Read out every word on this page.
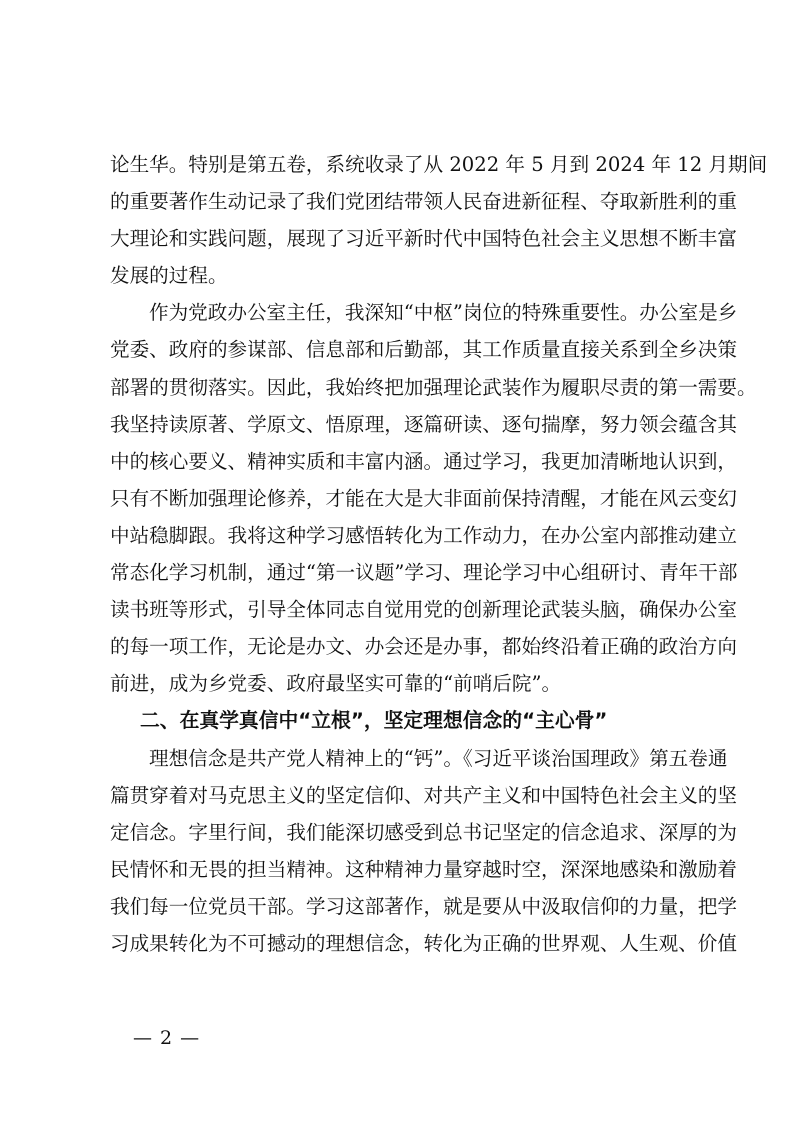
论生华。特别是第五卷，系统收录了从 2022 年 5 月到 2024 年 12 月期间
的重要著作生动记录了我们党团结带领人民奋进新征程、夺取新胜利的重
大理论和实践问题，展现了习近平新时代中国特色社会主义思想不断丰富
发展的过程。
作为党政办公室主任，我深知“中枢”岗位的特殊重要性。办公室是乡
党委、政府的参谋部、信息部和后勤部，其工作质量直接关系到全乡决策
部署的贯彻落实。因此，我始终把加强理论武装作为履职尽责的第一需要。
我坚持读原著、学原文、悟原理，逐篇研读、逐句揣摩，努力领会蕴含其
中的核心要义、精神实质和丰富内涵。通过学习，我更加清晰地认识到，
只有不断加强理论修养，才能在大是大非面前保持清醒，才能在风云变幻
中站稳脚跟。我将这种学习感悟转化为工作动力，在办公室内部推动建立
常态化学习机制，通过“第一议题”学习、理论学习中心组研讨、青年干部
读书班等形式，引导全体同志自觉用党的创新理论武装头脑，确保办公室
的每一项工作，无论是办文、办会还是办事，都始终沿着正确的政治方向
前进，成为乡党委、政府最坚实可靠的“前哨后院”。
二、在真学真信中“立根”，坚定理想信念的“主心骨”
理想信念是共产党人精神上的“钙”。《习近平谈治国理政》第五卷通
篇贯穿着对马克思主义的坚定信仰、对共产主义和中国特色社会主义的坚
定信念。字里行间，我们能深切感受到总书记坚定的信念追求、深厚的为
民情怀和无畏的担当精神。这种精神力量穿越时空，深深地感染和激励着
我们每一位党员干部。学习这部著作，就是要从中汲取信仰的力量，把学
习成果转化为不可撼动的理想信念，转化为正确的世界观、人生观、价值
— 2 —
